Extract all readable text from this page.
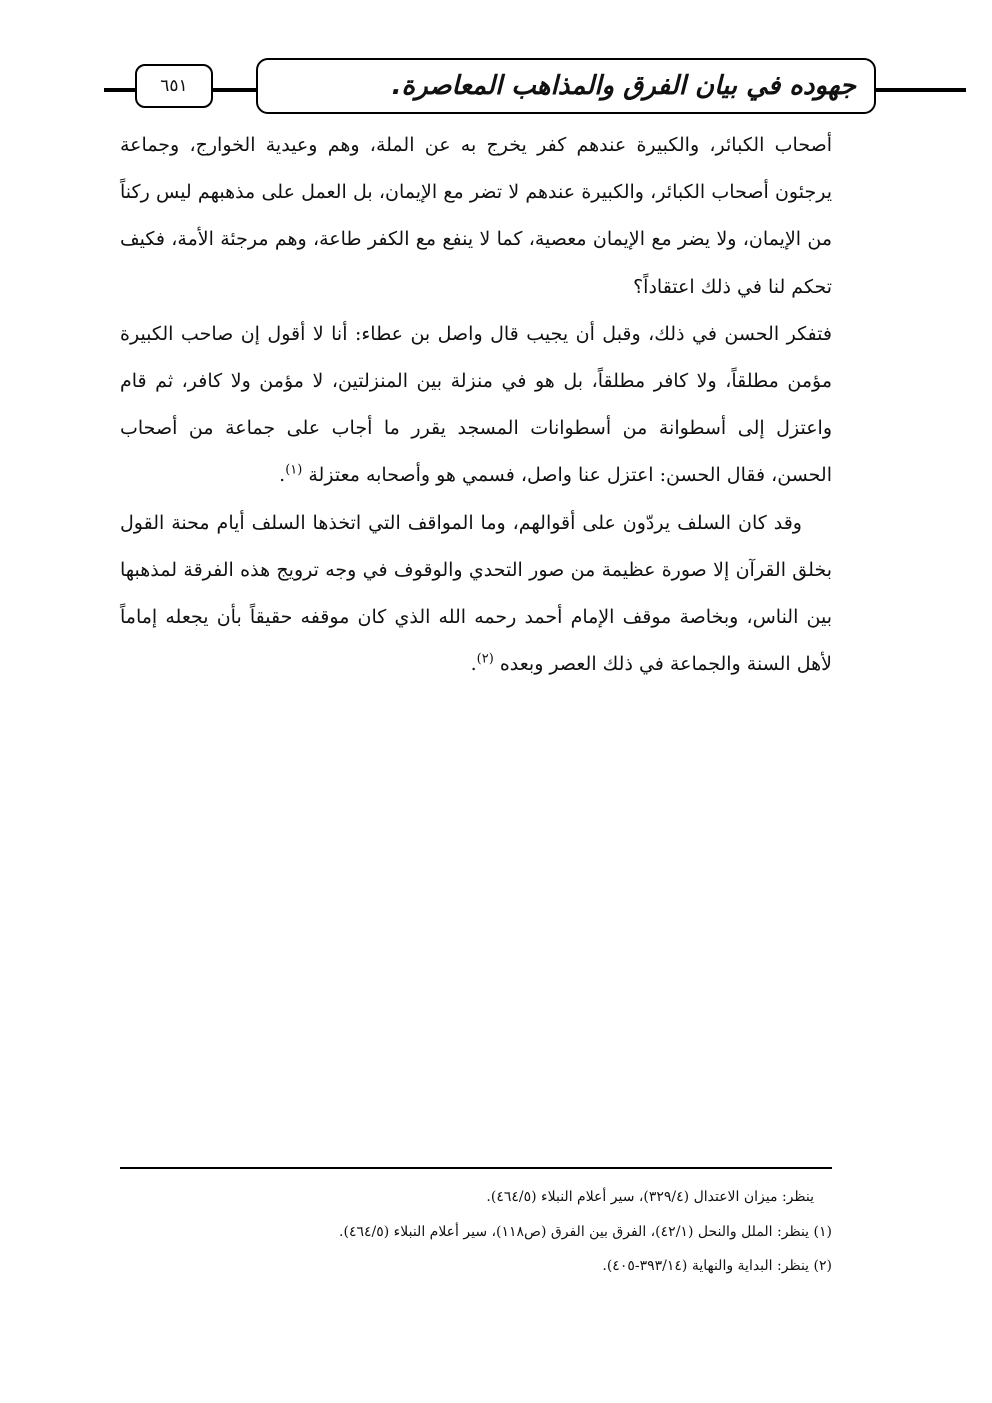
٦٥١	جهوده في بيان الفرق والمذاهب المعاصرة.

أصحاب الكبائر، والكبيرة عندهم كفر يخرج به عن الملة، وهم وعيدية الخوارج، وجماعة يرجئون أصحاب الكبائر، والكبيرة عندهم لا تضر مع الإيمان، بل العمل على مذهبهم ليس ركناً من الإيمان، ولا يضر مع الإيمان معصية، كما لا ينفع مع الكفر طاعة، وهم مرجئة الأمة، فكيف تحكم لنا في ذلك اعتقاداً؟

فتفكر الحسن في ذلك، وقبل أن يجيب قال واصل بن عطاء: أنا لا أقول إن صاحب الكبيرة مؤمن مطلقاً، ولا كافر مطلقاً، بل هو في منزلة بين المنزلتين، لا مؤمن ولا كافر، ثم قام واعتزل إلى أسطوانة من أسطوانات المسجد يقرر ما أجاب على جماعة من أصحاب الحسن، فقال الحسن: اعتزل عنا واصل، فسمي هو وأصحابه معتزلة $^{(١)}$.

وقد كان السلف يردّون على أقوالهم، وما المواقف التي اتخذها السلف أيام محنة القول بخلق القرآن إلا صورة عظيمة من صور التحدي والوقوف في وجه ترويج هذه الفرقة لمذهبها بين الناس، وبخاصة موقف الإمام أحمد رحمه الله الذي كان موقفه حقيقاً بأن يجعله إماماً لأهل السنة والجماعة في ذلك العصر وبعده $^{(٢)}$.

ينظر: ميزان الاعتدال (٣٢٩/٤)، سير أعلام النبلاء (٤٦٤/٥).

(١) ينظر: الملل والنحل (٤٢/١)، الفرق بين الفرق (ص١١٨)، سير أعلام النبلاء (٤٦٤/٥).

(٢) ينظر: البداية والنهاية (٣٩٣/١٤-٤٠٥).
